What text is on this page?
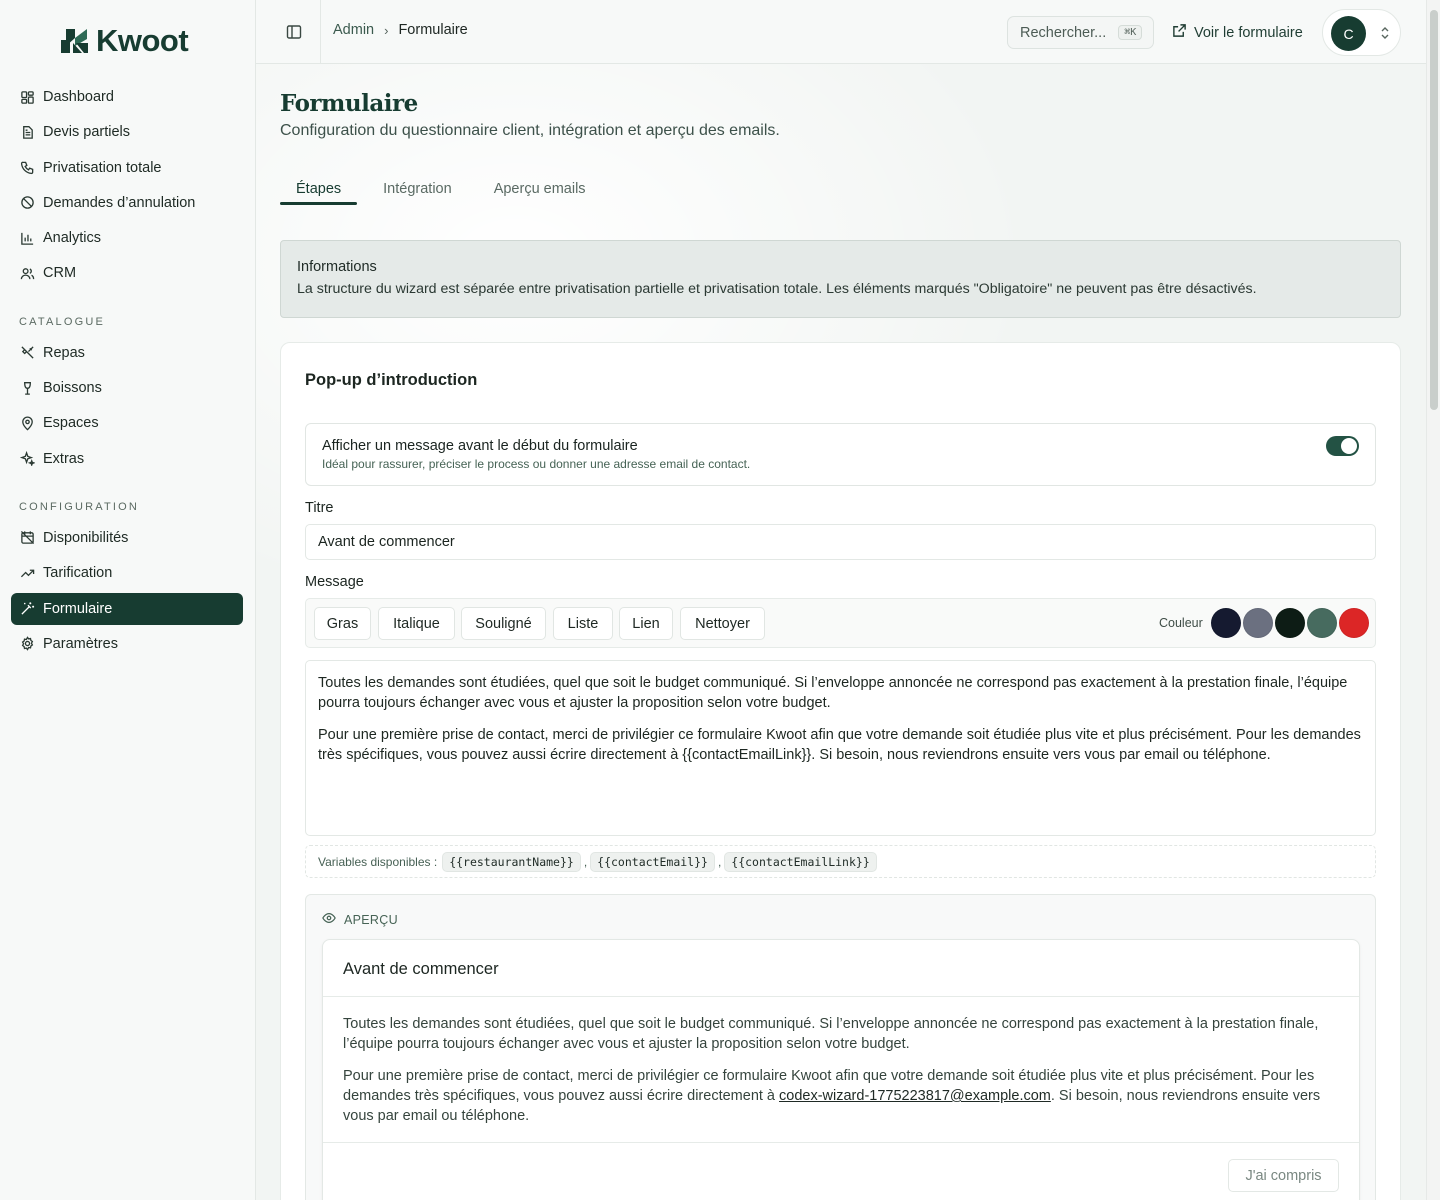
Kwoot
Dashboard
Devis partiels
Privatisation totale
Demandes d’annulation
Analytics
CRM
CATALOGUE
Repas
Boissons
Espaces
Extras
CONFIGURATION
Disponibilités
Tarification
Formulaire
Paramètres
Admin › Formulaire	Rechercher...	⌘K	Voir le formulaire	C
Formulaire

Configuration du questionnaire client, intégration et aperçu des emails.

Étapes	Intégration	Aperçu emails
Informations
La structure du wizard est séparée entre privatisation partielle et privatisation totale. Les éléments marqués "Obligatoire" ne peuvent pas être désactivés.
Pop-up d’introduction
Afficher un message avant le début du formulaire
Idéal pour rassurer, préciser le process ou donner une adresse email de contact.
Titre
Avant de commencer
Message
Gras	Italique	Souligné	Liste	Lien	Nettoyer	Couleur

Toutes les demandes sont étudiées, quel que soit le budget communiqué. Si l’enveloppe annoncée ne correspond pas exactement à la prestation finale, l’équipe pourra toujours échanger avec vous et ajuster la proposition selon votre budget.

Pour une première prise de contact, merci de privilégier ce formulaire Kwoot afin que votre demande soit étudiée plus vite et plus précisément. Pour les demandes très spécifiques, vous pouvez aussi écrire directement à {{contactEmailLink}}. Si besoin, nous reviendrons ensuite vers vous par email ou téléphone.

Variables disponibles :	{{restaurantName}} , {{contactEmail}} , {{contactEmailLink}}
APERÇU
Avant de commencer

Toutes les demandes sont étudiées, quel que soit le budget communiqué. Si l’enveloppe annoncée ne correspond pas exactement à la prestation finale, l’équipe pourra toujours échanger avec vous et ajuster la proposition selon votre budget.

Pour une première prise de contact, merci de privilégier ce formulaire Kwoot afin que votre demande soit étudiée plus vite et plus précisément. Pour les demandes très spécifiques, vous pouvez aussi écrire directement à codex-wizard-1775223817@example.com. Si besoin, nous reviendrons ensuite vers vous par email ou téléphone.

J'ai compris
